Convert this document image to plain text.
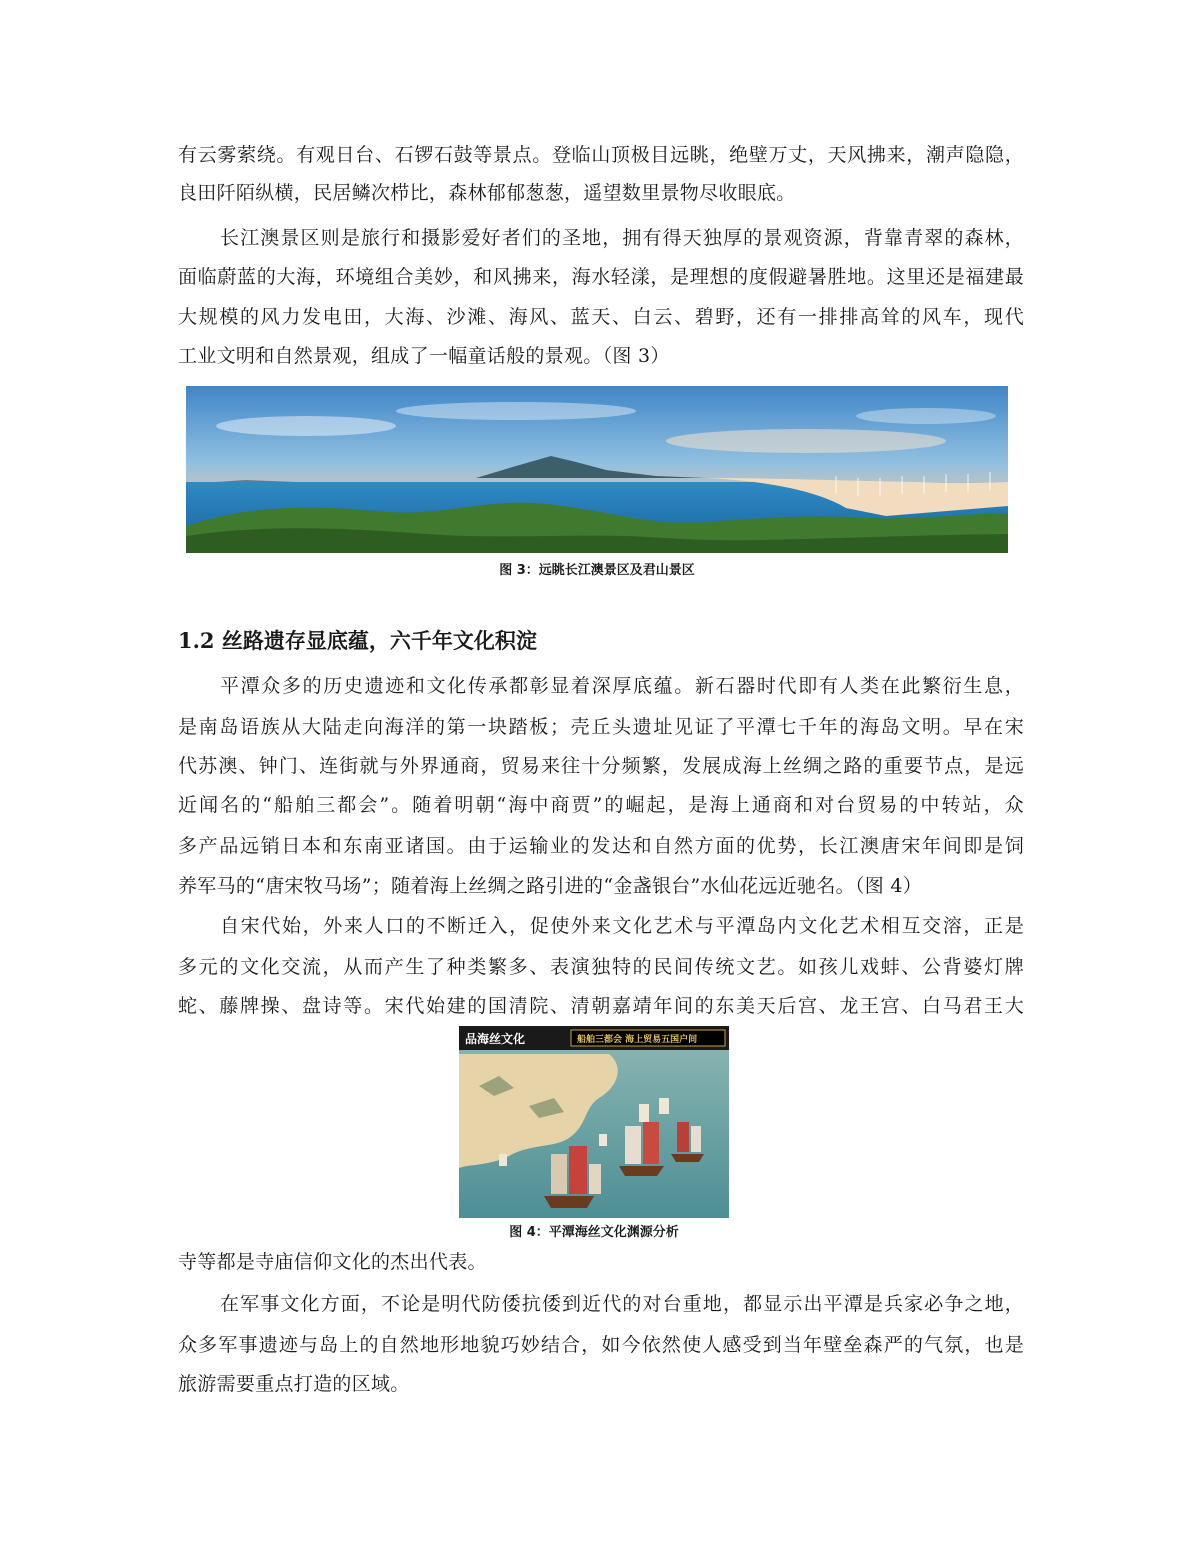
有云雾萦绕。有观日台、石锣石鼓等景点。登临山顶极目远眺，绝壁万丈，天风拂来，潮声隐隐，
良田阡陌纵横，民居鳞次栉比，森林郁郁葱葱，遥望数里景物尽收眼底。
长江澳景区则是旅行和摄影爱好者们的圣地，拥有得天独厚的景观资源，背靠青翠的森林，
面临蔚蓝的大海，环境组合美妙，和风拂来，海水轻漾，是理想的度假避暑胜地。这里还是福建最
大规模的风力发电田，大海、沙滩、海风、蓝天、白云、碧野，还有一排排高耸的风车，现代
工业文明和自然景观，组成了一幅童话般的景观。（图 3）
图 3：远眺长江澳景区及君山景区
1.2 丝路遗存显底蕴，六千年文化积淀
平潭众多的历史遗迹和文化传承都彰显着深厚底蕴。新石器时代即有人类在此繁衍生息，
是南岛语族从大陆走向海洋的第一块踏板；壳丘头遗址见证了平潭七千年的海岛文明。早在宋
代苏澳、钟门、连街就与外界通商，贸易来往十分频繁，发展成海上丝绸之路的重要节点，是远
近闻名的“船舶三都会”。随着明朝“海中商贾”的崛起，是海上通商和对台贸易的中转站，众
多产品远销日本和东南亚诸国。由于运输业的发达和自然方面的优势，长江澳唐宋年间即是饲
养军马的“唐宋牧马场”；随着海上丝绸之路引进的“金盏银台”水仙花远近驰名。（图 4）
自宋代始，外来人口的不断迁入，促使外来文化艺术与平潭岛内文化艺术相互交溶，正是
多元的文化交流，从而产生了种类繁多、表演独特的民间传统文艺。如孩儿戏蚌、公背婆灯牌
蛇、藤牌操、盘诗等。宋代始建的国清院、清朝嘉靖年间的东美天后宫、龙王宫、白马君王大
品海丝文化	船舶三都会 海上贸易五国户间
图 4：平潭海丝文化渊源分析
寺等都是寺庙信仰文化的杰出代表。
在军事文化方面，不论是明代防倭抗倭到近代的对台重地，都显示出平潭是兵家必争之地，
众多军事遗迹与岛上的自然地形地貌巧妙结合，如今依然使人感受到当年壁垒森严的气氛，也是
旅游需要重点打造的区域。
